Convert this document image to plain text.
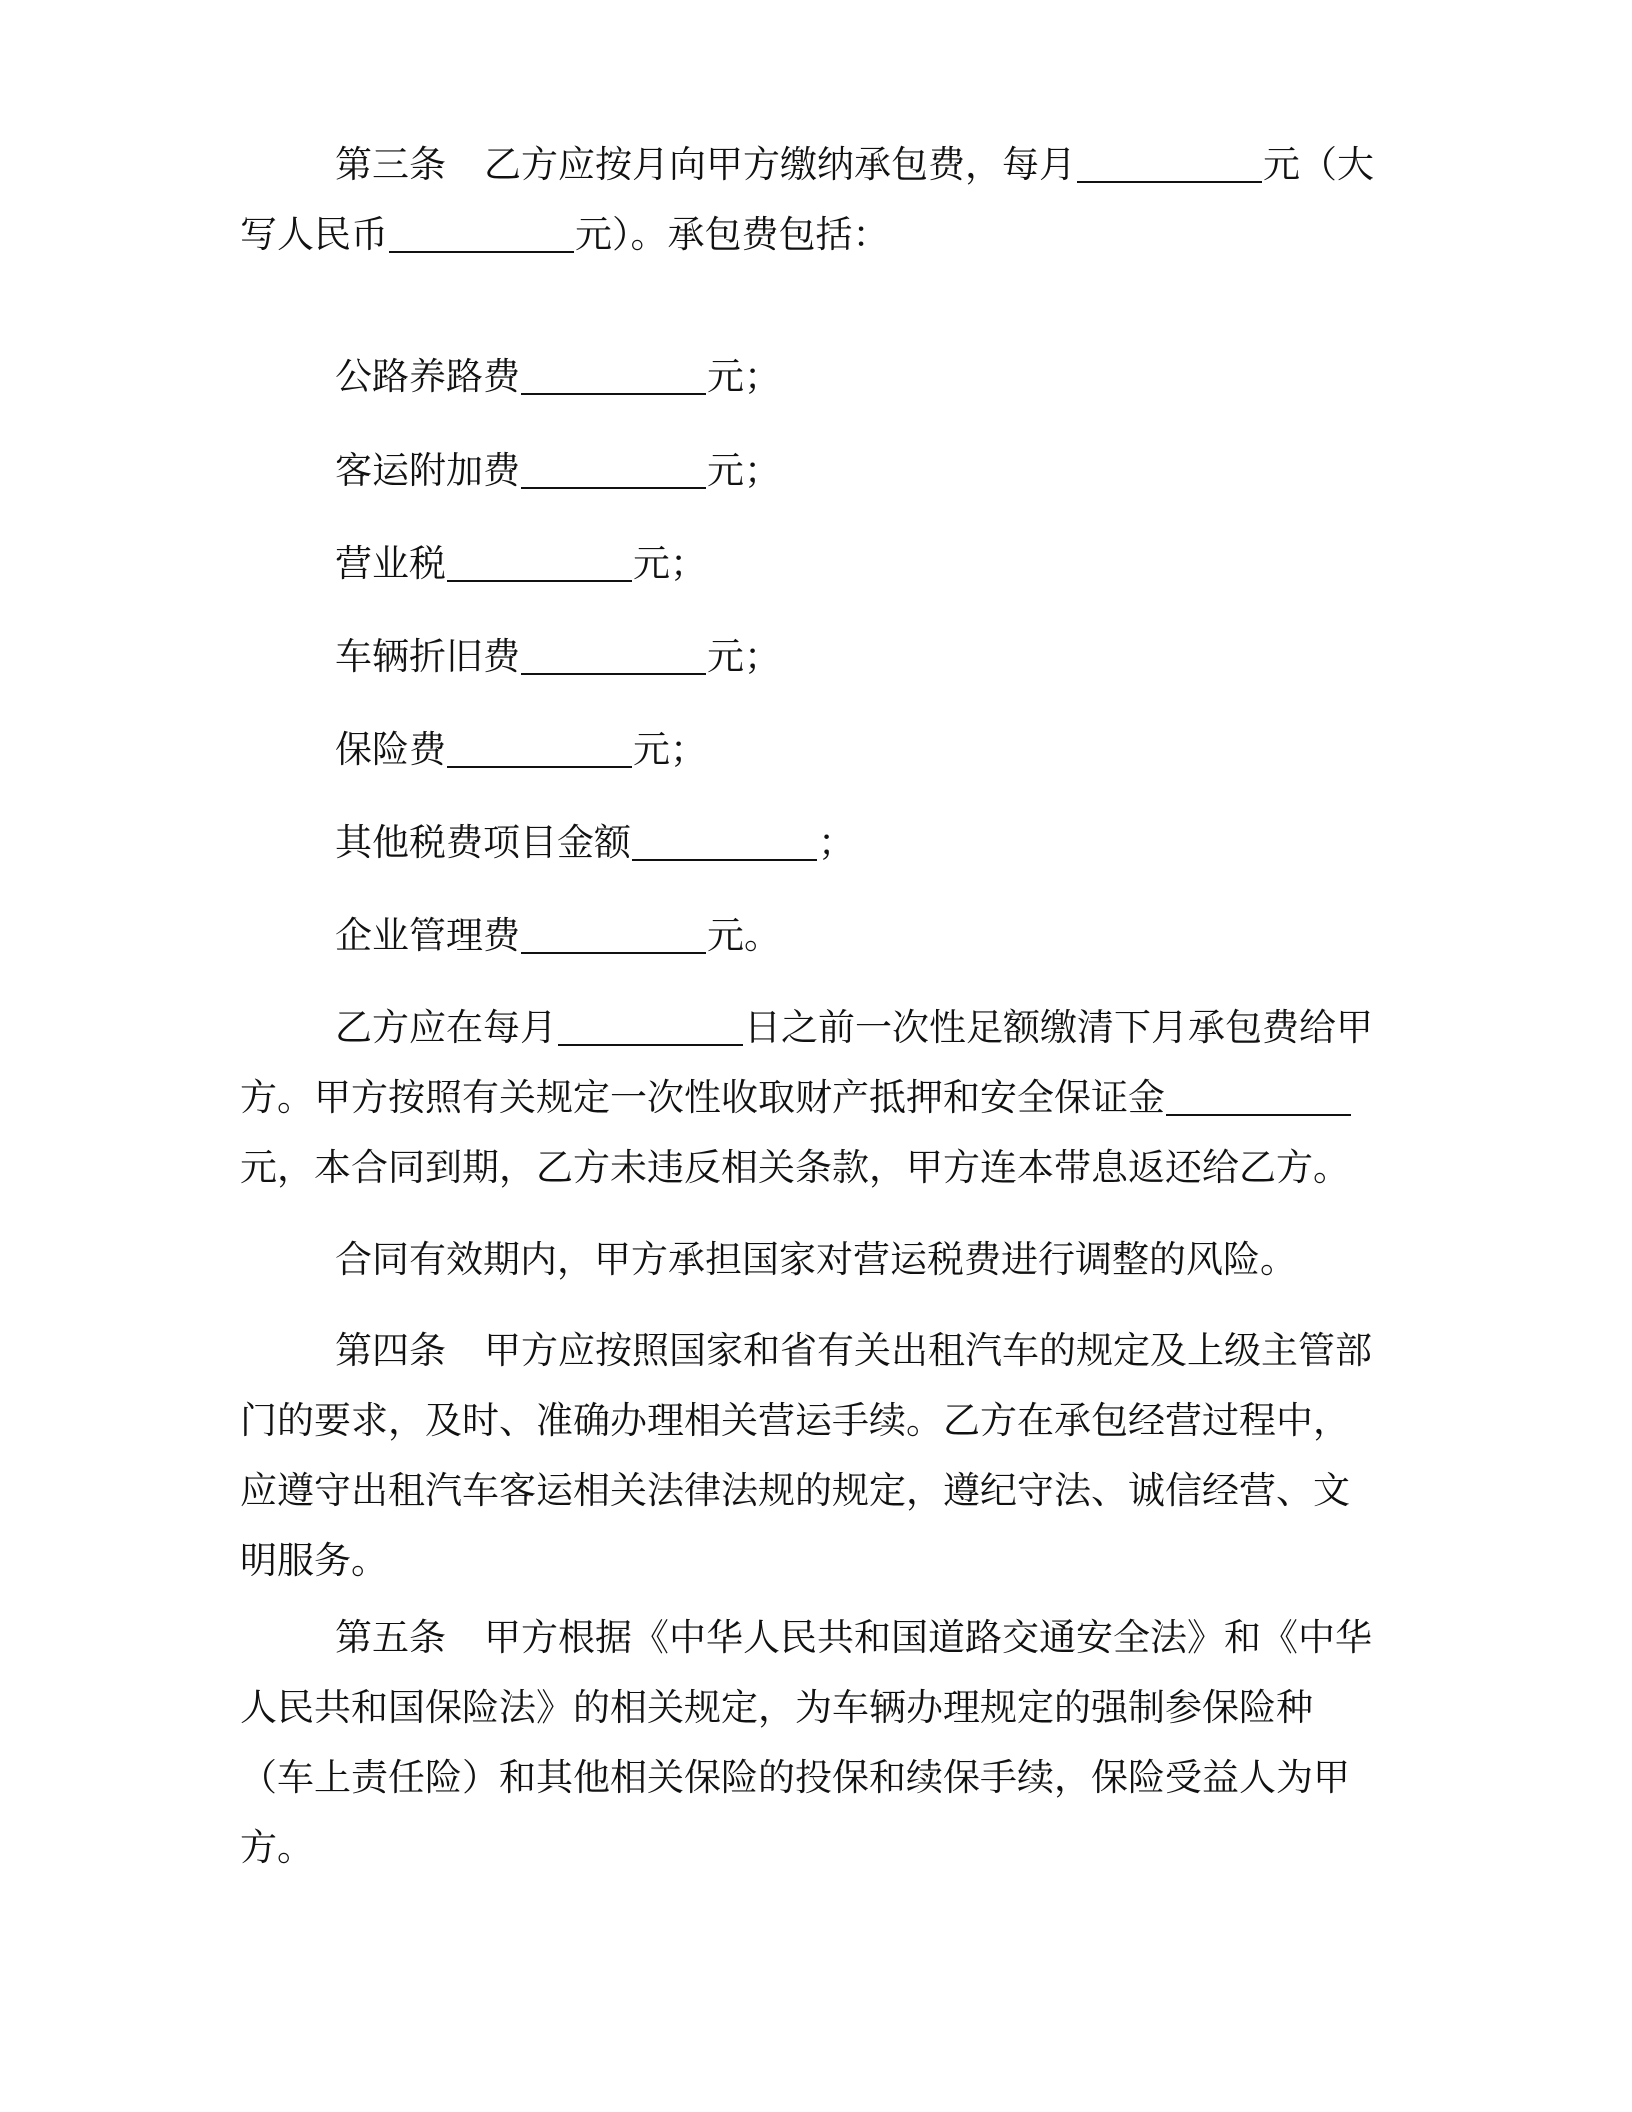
第三条 乙方应按月向甲方缴纳承包费，每月	元（大写人民币	元）。承包费包括：

公路养路费	元；

客运附加费	元；

营业税	元；

车辆折旧费	元；

保险费	元；

其他税费项目金额	；

企业管理费	元。

乙方应在每月	日之前一次性足额缴清下月承包费给甲方。甲方按照有关规定一次性收取财产抵押和安全保证金元，本合同到期，乙方未违反相关条款，甲方连本带息返还给乙方。

合同有效期内，甲方承担国家对营运税费进行调整的风险。

第四条 甲方应按照国家和省有关出租汽车的规定及上级主管部门的要求，及时、准确办理相关营运手续。乙方在承包经营过程中，应遵守出租汽车客运相关法律法规的规定，遵纪守法、诚信经营、文明服务。

第五条 甲方根据《中华人民共和国道路交通安全法》和《中华人民共和国保险法》的相关规定，为车辆办理规定的强制参保险种（车上责任险）和其他相关保险的投保和续保手续，保险受益人为甲方。
